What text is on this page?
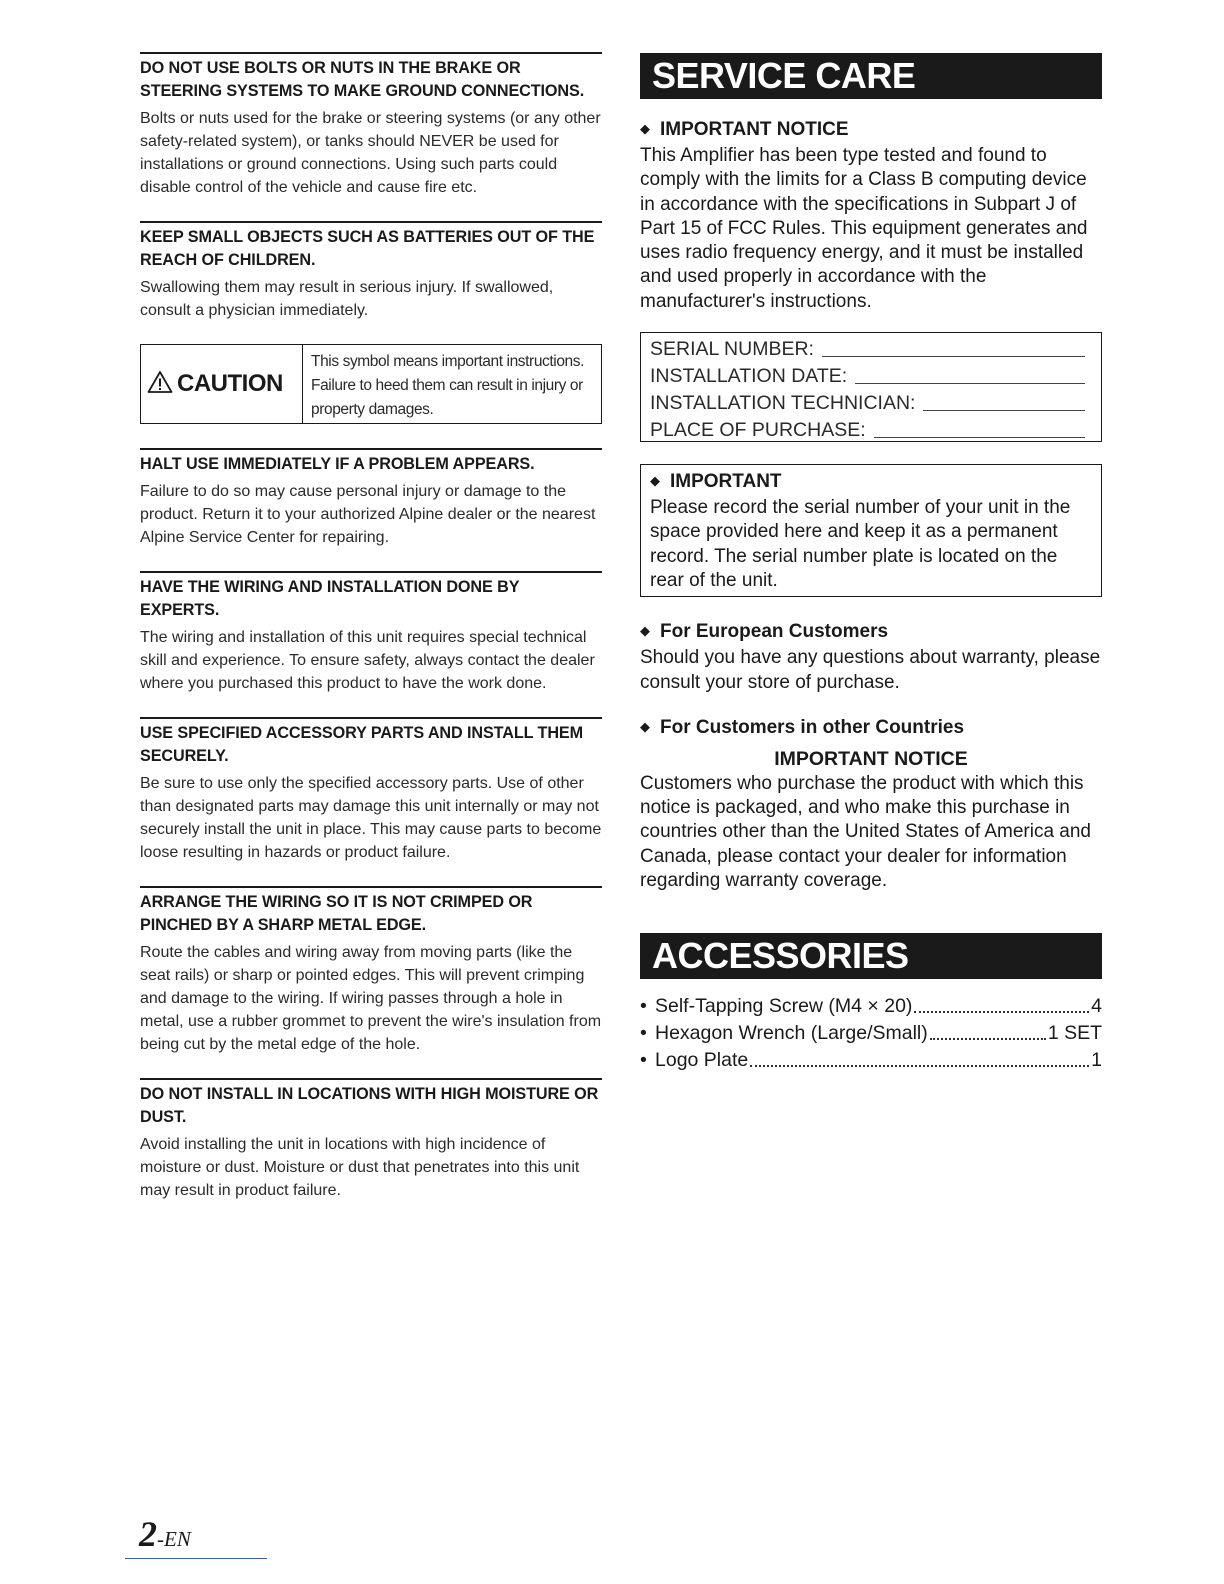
DO NOT USE BOLTS OR NUTS IN THE BRAKE OR STEERING SYSTEMS TO MAKE GROUND CONNECTIONS.

Bolts or nuts used for the brake or steering systems (or any other safety-related system), or tanks should NEVER be used for installations or ground connections. Using such parts could disable control of the vehicle and cause fire etc.

KEEP SMALL OBJECTS SUCH AS BATTERIES OUT OF THE REACH OF CHILDREN.

Swallowing them may result in serious injury. If swallowed, consult a physician immediately.

CAUTION
This symbol means important instructions. Failure to heed them can result in injury or property damages.

HALT USE IMMEDIATELY IF A PROBLEM APPEARS.

Failure to do so may cause personal injury or damage to the product. Return it to your authorized Alpine dealer or the nearest Alpine Service Center for repairing.

HAVE THE WIRING AND INSTALLATION DONE BY EXPERTS.

The wiring and installation of this unit requires special technical skill and experience. To ensure safety, always contact the dealer where you purchased this product to have the work done.

USE SPECIFIED ACCESSORY PARTS AND INSTALL THEM SECURELY.

Be sure to use only the specified accessory parts. Use of other than designated parts may damage this unit internally or may not securely install the unit in place. This may cause parts to become loose resulting in hazards or product failure.

ARRANGE THE WIRING SO IT IS NOT CRIMPED OR PINCHED BY A SHARP METAL EDGE.

Route the cables and wiring away from moving parts (like the seat rails) or sharp or pointed edges. This will prevent crimping and damage to the wiring. If wiring passes through a hole in metal, use a rubber grommet to prevent the wire's insulation from being cut by the metal edge of the hole.

DO NOT INSTALL IN LOCATIONS WITH HIGH MOISTURE OR DUST.

Avoid installing the unit in locations with high incidence of moisture or dust. Moisture or dust that penetrates into this unit may result in product failure.

SERVICE CARE

◆ IMPORTANT NOTICE

This Amplifier has been type tested and found to comply with the limits for a Class B computing device in accordance with the specifications in Subpart J of Part 15 of FCC Rules. This equipment generates and uses radio frequency energy, and it must be installed and used properly in accordance with the manufacturer's instructions.

SERIAL NUMBER:
INSTALLATION DATE:
INSTALLATION TECHNICIAN:
PLACE OF PURCHASE:

◆ IMPORTANT

Please record the serial number of your unit in the space provided here and keep it as a permanent record. The serial number plate is located on the rear of the unit.

◆ For European Customers

Should you have any questions about warranty, please consult your store of purchase.

◆ For Customers in other Countries

IMPORTANT NOTICE

Customers who purchase the product with which this notice is packaged, and who make this purchase in countries other than the United States of America and Canada, please contact your dealer for information regarding warranty coverage.

ACCESSORIES
• Self-Tapping Screw (M4 × 20)	4
• Hexagon Wrench (Large/Small)	1 SET
• Logo Plate	1
2-EN
